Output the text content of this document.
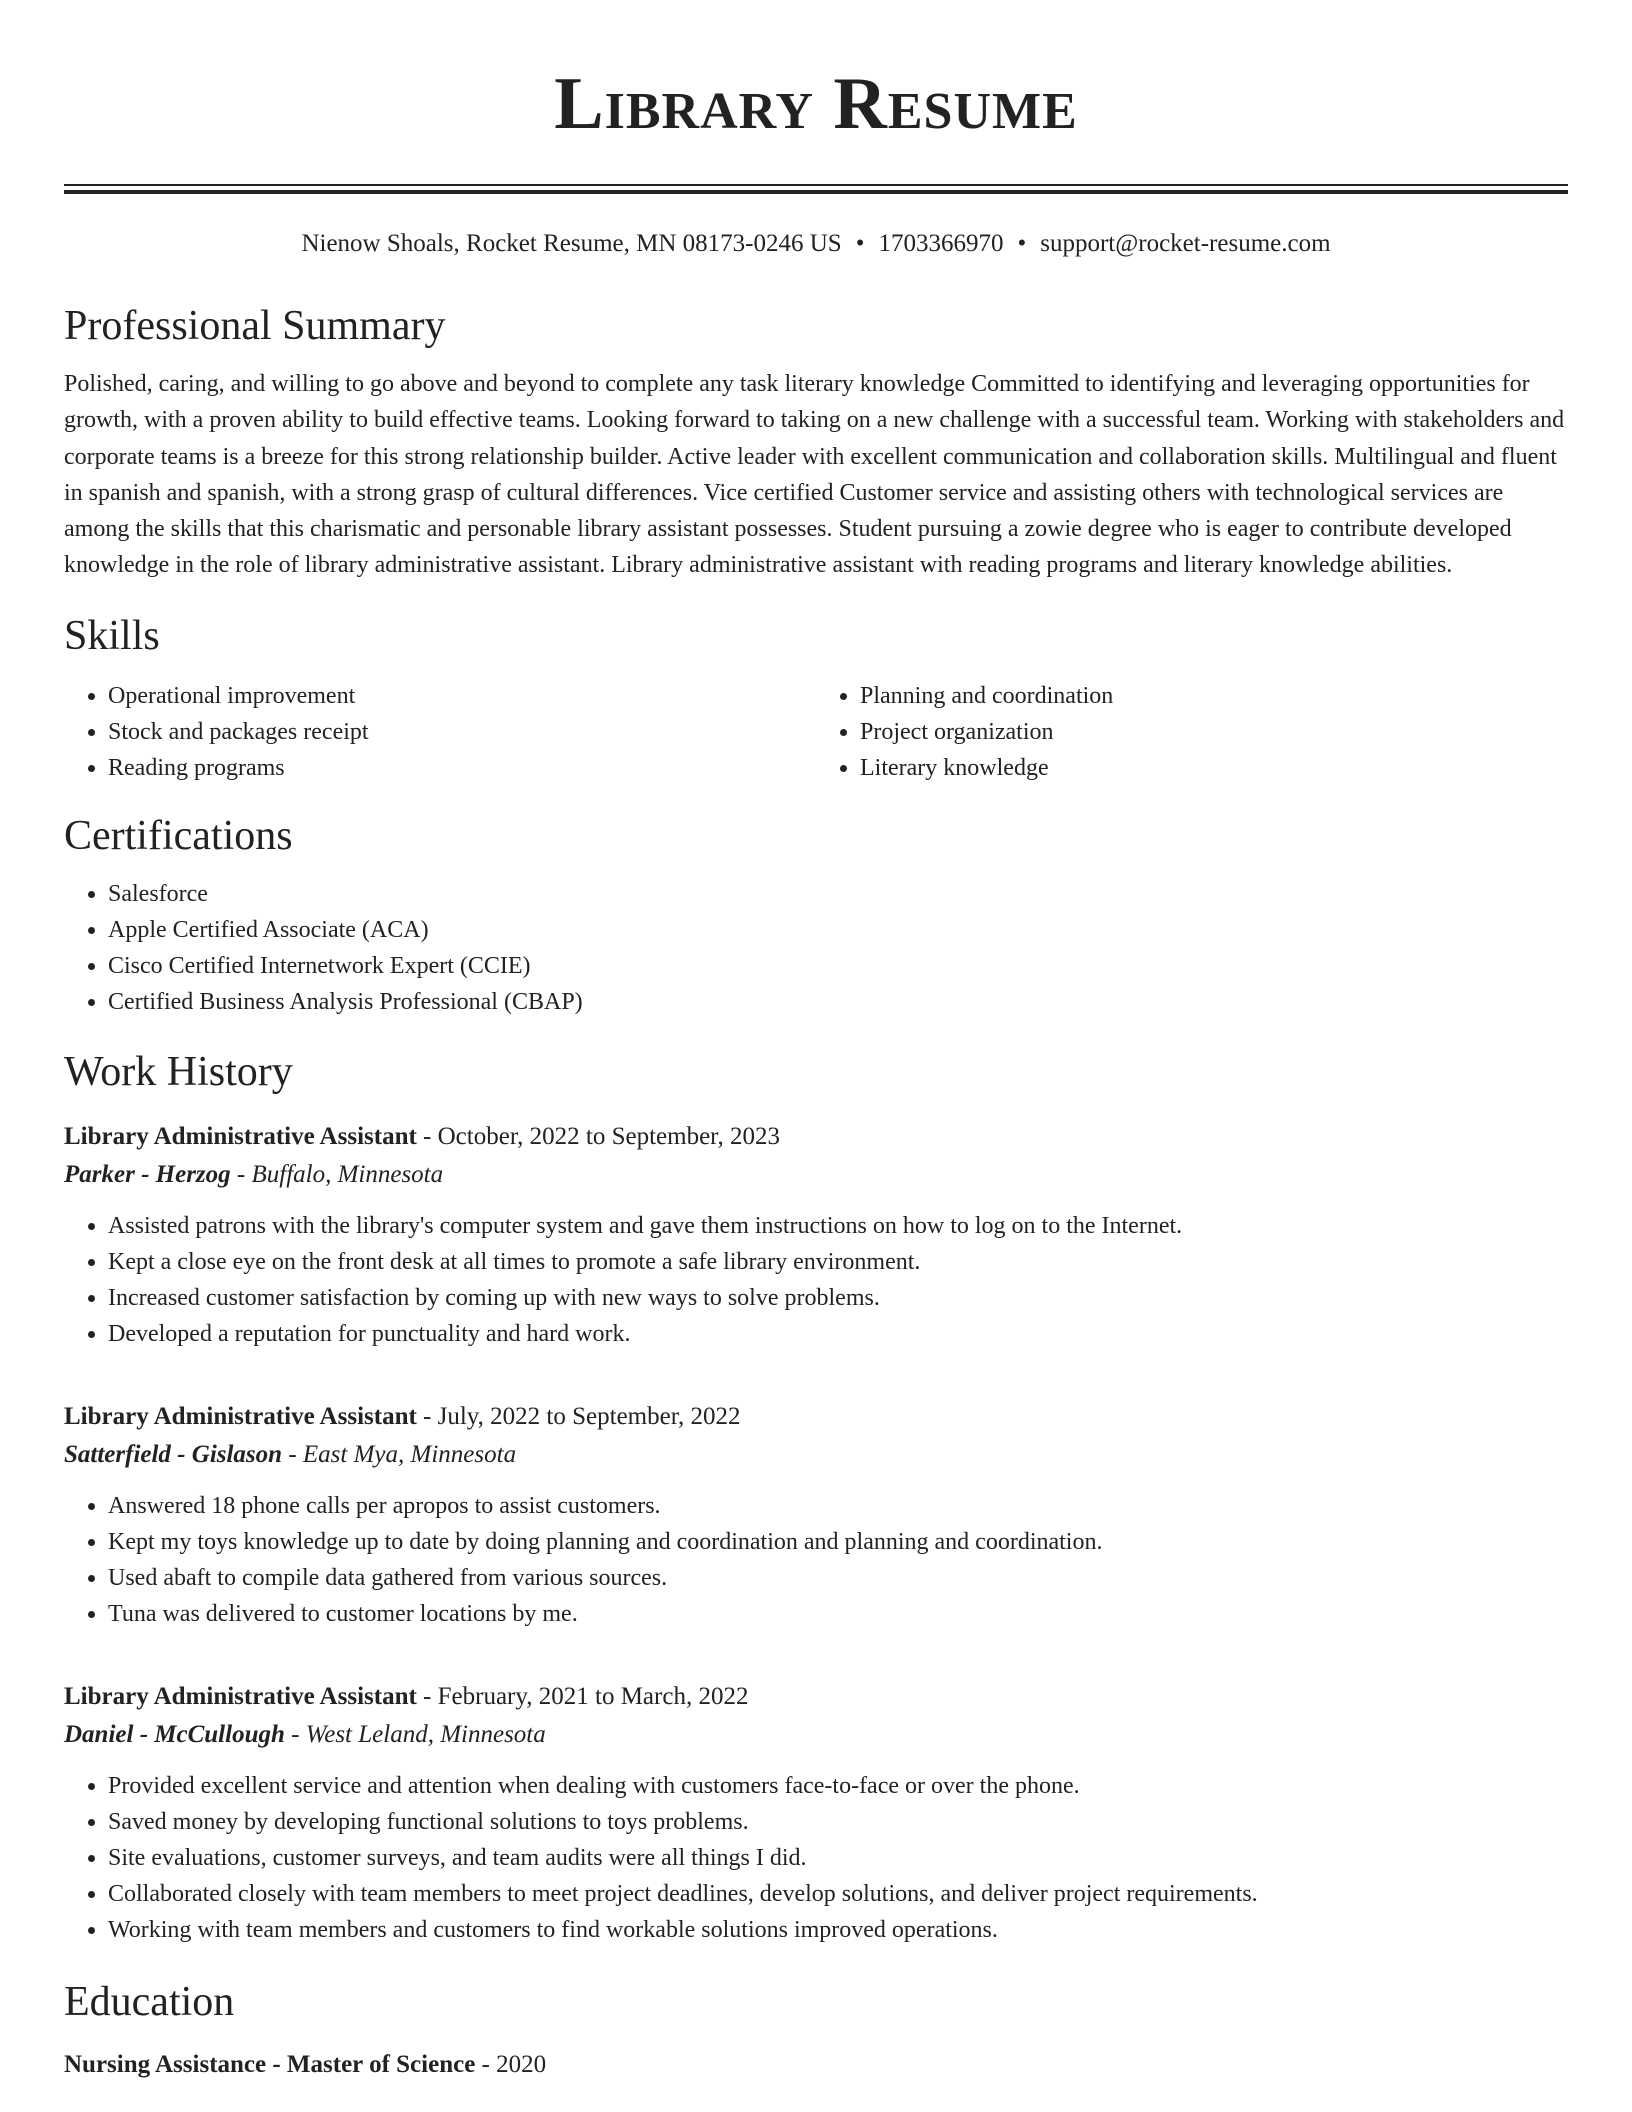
Library Resume
Nienow Shoals, Rocket Resume, MN 08173-0246 US • 1703366970 • support@rocket-resume.com
Professional Summary

Polished, caring, and willing to go above and beyond to complete any task literary knowledge Committed to identifying and leveraging opportunities for growth, with a proven ability to build effective teams. Looking forward to taking on a new challenge with a successful team. Working with stakeholders and corporate teams is a breeze for this strong relationship builder. Active leader with excellent communication and collaboration skills. Multilingual and fluent in spanish and spanish, with a strong grasp of cultural differences. Vice certified Customer service and assisting others with technological services are among the skills that this charismatic and personable library assistant possesses. Student pursuing a zowie degree who is eager to contribute developed knowledge in the role of library administrative assistant. Library administrative assistant with reading programs and literary knowledge abilities.

Skills
• Operational improvement
• Stock and packages receipt
• Reading programs
• Planning and coordination
• Project organization
• Literary knowledge
Certifications
• Salesforce
• Apple Certified Associate (ACA)
• Cisco Certified Internetwork Expert (CCIE)
• Certified Business Analysis Professional (CBAP)
Work History
Library Administrative Assistant - October, 2022 to September, 2023
Parker - Herzog - Buffalo, Minnesota
• Assisted patrons with the library's computer system and gave them instructions on how to log on to the Internet.
• Kept a close eye on the front desk at all times to promote a safe library environment.
• Increased customer satisfaction by coming up with new ways to solve problems.
• Developed a reputation for punctuality and hard work.
Library Administrative Assistant - July, 2022 to September, 2022
Satterfield - Gislason - East Mya, Minnesota
• Answered 18 phone calls per apropos to assist customers.
• Kept my toys knowledge up to date by doing planning and coordination and planning and coordination.
• Used abaft to compile data gathered from various sources.
• Tuna was delivered to customer locations by me.
Library Administrative Assistant - February, 2021 to March, 2022
Daniel - McCullough - West Leland, Minnesota
• Provided excellent service and attention when dealing with customers face-to-face or over the phone.
• Saved money by developing functional solutions to toys problems.
• Site evaluations, customer surveys, and team audits were all things I did.
• Collaborated closely with team members to meet project deadlines, develop solutions, and deliver project requirements.
• Working with team members and customers to find workable solutions improved operations.
Education
Nursing Assistance - Master of Science - 2020
